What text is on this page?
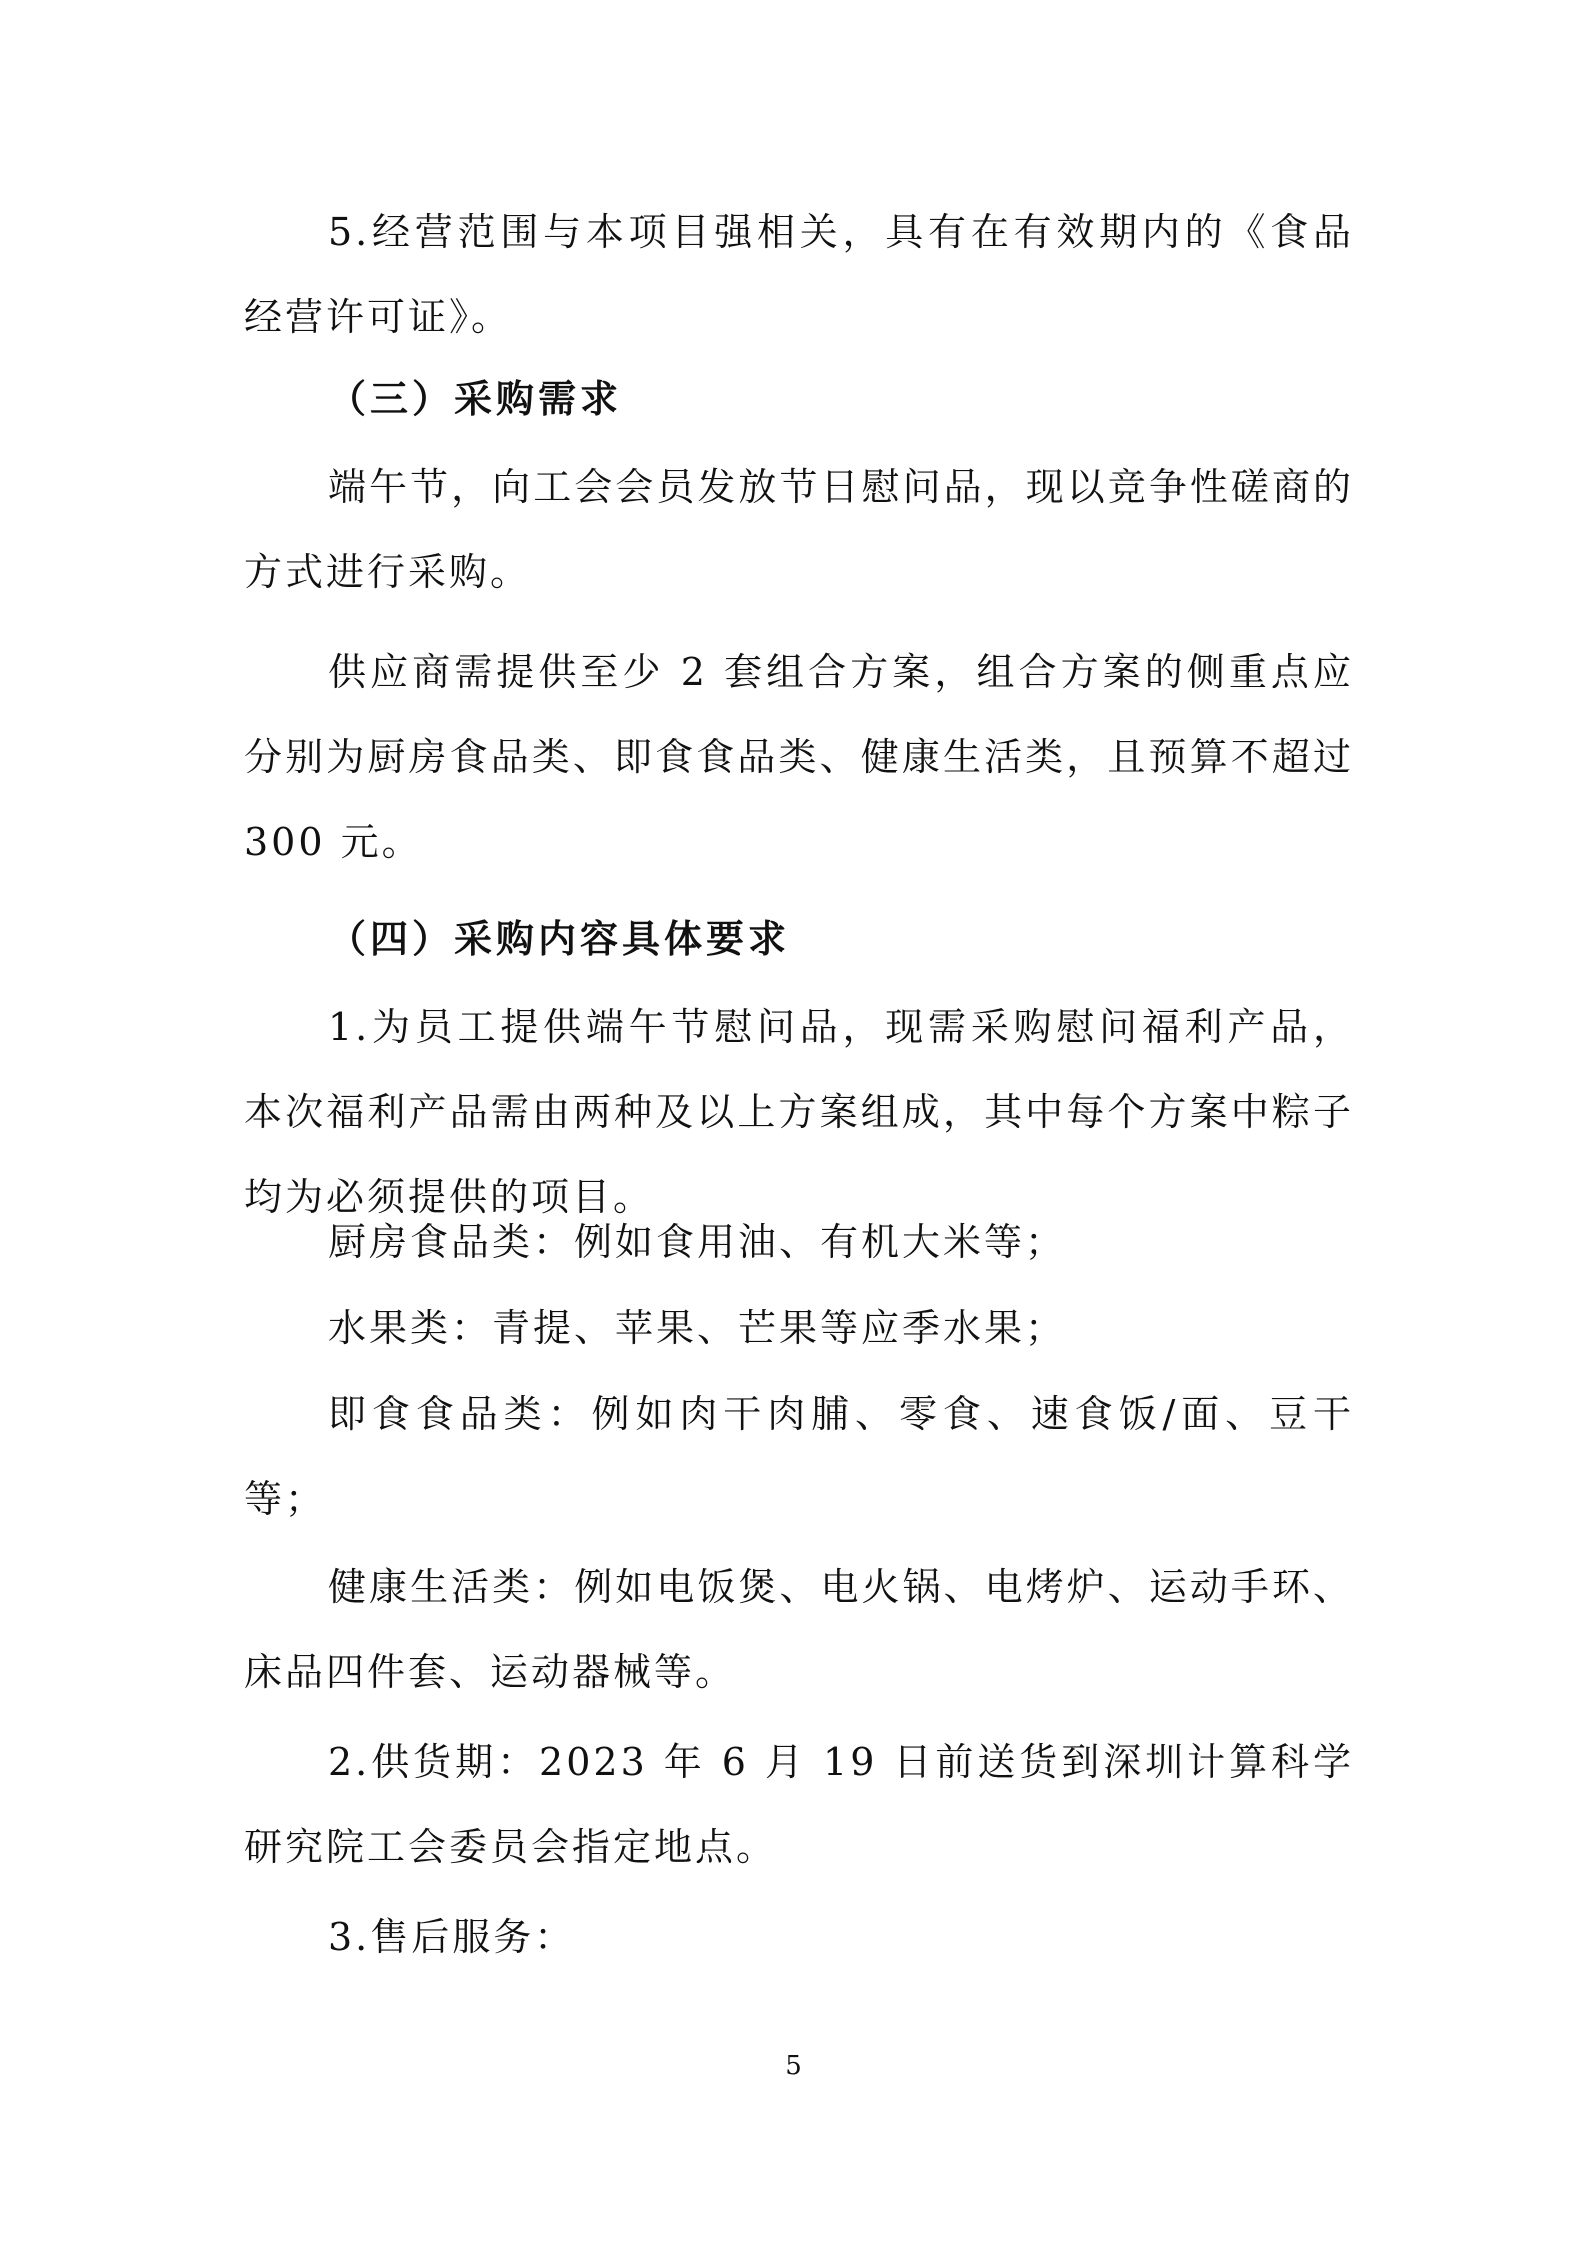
5.经营范围与本项目强相关，具有在有效期内的《食品经营许可证》。

（三）采购需求

端午节，向工会会员发放节日慰问品，现以竞争性磋商的方式进行采购。

供应商需提供至少 2 套组合方案，组合方案的侧重点应分别为厨房食品类、即食食品类、健康生活类，且预算不超过 300 元。

（四）采购内容具体要求

1.为员工提供端午节慰问品，现需采购慰问福利产品，本次福利产品需由两种及以上方案组成，其中每个方案中粽子均为必须提供的项目。

厨房食品类：例如食用油、有机大米等；

水果类：青提、苹果、芒果等应季水果；

即食食品类：例如肉干肉脯、零食、速食饭/面、豆干等；

健康生活类：例如电饭煲、电火锅、电烤炉、运动手环、床品四件套、运动器械等。

2.供货期：2023 年 6 月 19 日前送货到深圳计算科学研究院工会委员会指定地点。

3.售后服务：

5
